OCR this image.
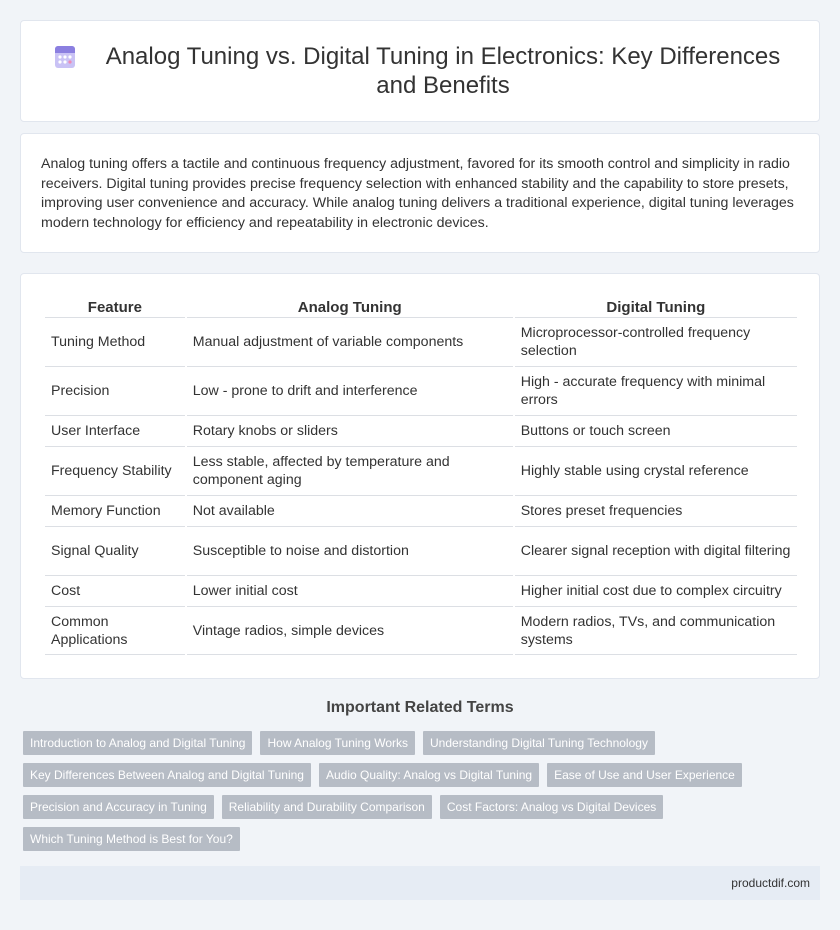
Analog Tuning vs. Digital Tuning in Electronics: Key Differences and Benefits

Analog tuning offers a tactile and continuous frequency adjustment, favored for its smooth control and simplicity in radio receivers. Digital tuning provides precise frequency selection with enhanced stability and the capability to store presets, improving user convenience and accuracy. While analog tuning delivers a traditional experience, digital tuning leverages modern technology for efficiency and repeatability in electronic devices.

Feature	Analog Tuning	Digital Tuning
Tuning Method	Manual adjustment of variable components	Microprocessor-controlled frequency selection
Precision	Low - prone to drift and interference	High - accurate frequency with minimal errors
User Interface	Rotary knobs or sliders	Buttons or touch screen
Frequency Stability	Less stable, affected by temperature and component aging	Highly stable using crystal reference
Memory Function	Not available	Stores preset frequencies
Signal Quality	Susceptible to noise and distortion	Clearer signal reception with digital filtering
Cost	Lower initial cost	Higher initial cost due to complex circuitry
Common Applications	Vintage radios, simple devices	Modern radios, TVs, and communication systems
Important Related Terms
Introduction to Analog and Digital Tuning	How Analog Tuning Works	Understanding Digital Tuning Technology
Key Differences Between Analog and Digital Tuning	Audio Quality: Analog vs Digital Tuning	Ease of Use and User Experience
Precision and Accuracy in Tuning	Reliability and Durability Comparison	Cost Factors: Analog vs Digital Devices
Which Tuning Method is Best for You?
productdif.com
